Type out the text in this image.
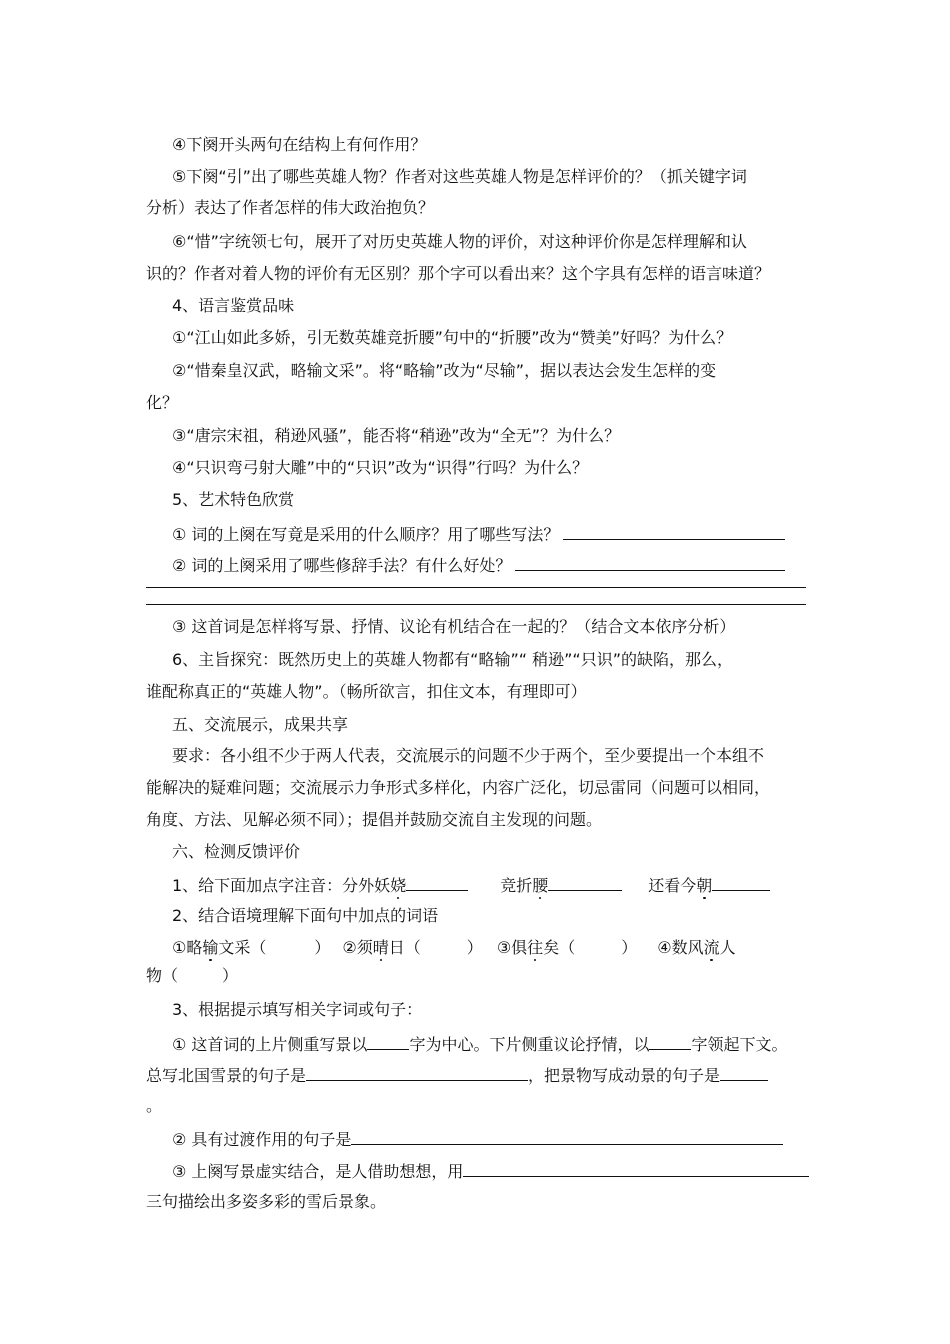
④下阕开头两句在结构上有何作用？
⑤下阕“引”出了哪些英雄人物？作者对这些英雄人物是怎样评价的？（抓关键字词
分析）表达了作者怎样的伟大政治抱负？
⑥“惜”字统领七句，展开了对历史英雄人物的评价，对这种评价你是怎样理解和认
识的？作者对着人物的评价有无区别？那个字可以看出来？这个字具有怎样的语言味道？
4、语言鉴赏品味
①“江山如此多娇，引无数英雄竞折腰”句中的“折腰”改为“赞美”好吗？为什么？
②“惜秦皇汉武，略输文采”。将“略输”改为“尽输”，据以表达会发生怎样的变
化？
③“唐宗宋祖，稍逊风骚”，能否将“稍逊”改为“全无”？为什么？
④“只识弯弓射大雕”中的“只识”改为“识得”行吗？为什么？
5、艺术特色欣赏
① 词的上阕在写竟是采用的什么顺序？用了哪些写法？
② 词的上阕采用了哪些修辞手法？有什么好处？
③ 这首词是怎样将写景、抒情、议论有机结合在一起的？（结合文本依序分析）
6、主旨探究：既然历史上的英雄人物都有“略输”“ 稍逊”“只识”的缺陷，那么，
谁配称真正的“英雄人物”。（畅所欲言，扣住文本，有理即可）
五、交流展示，成果共享
要求：各小组不少于两人代表，交流展示的问题不少于两个，至少要提出一个本组不
能解决的疑难问题；交流展示力争形式多样化，内容广泛化，切忌雷同（问题可以相同，
角度、方法、见解必须不同）；提倡并鼓励交流自主发现的问题。
六、检测反馈评价
1、给下面加点字注音：分外妖娆	竞折腰	还看今朝
2、结合语境理解下面句中加点的词语
①略输文采（	） ②须晴日（	） ③俱往矣（	） ④数风流人
物（	）
3、根据提示填写相关字词或句子：
① 这首词的上片侧重写景以	字为中心。下片侧重议论抒情，以	字领起下文。
总写北国雪景的句子是	，把景物写成动景的句子是
。
② 具有过渡作用的句子是
③ 上阕写景虚实结合，是人借助想想，用
三句描绘出多姿多彩的雪后景象。
